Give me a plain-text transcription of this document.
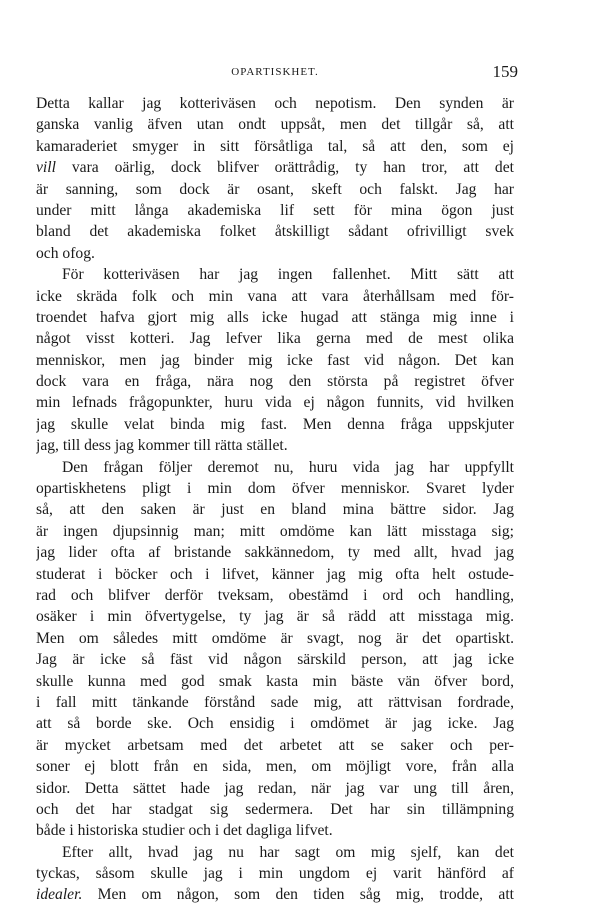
OPARTISKHET.	159
Detta kallar jag kotteriväsen och nepotism. Den synden är
ganska vanlig äfven utan ondt uppsåt, men det tillgår så, att
kamaraderiet smyger in sitt försåtliga tal, så att den, som ej
vill vara oärlig, dock blifver orättrådig, ty han tror, att det
är sanning, som dock är osant, skeft och falskt. Jag har
under mitt långa akademiska lif sett för mina ögon just
bland det akademiska folket åtskilligt sådant ofrivilligt svek
och ofog.
För kotteriväsen har jag ingen fallenhet. Mitt sätt att
icke skräda folk och min vana att vara återhållsam med för-
troendet hafva gjort mig alls icke hugad att stänga mig inne i
något visst kotteri. Jag lefver lika gerna med de mest olika
menniskor, men jag binder mig icke fast vid någon. Det kan
dock vara en fråga, nära nog den största på registret öfver
min lefnads frågopunkter, huru vida ej någon funnits, vid hvilken
jag skulle velat binda mig fast. Men denna fråga uppskjuter
jag, till dess jag kommer till rätta stället.
Den frågan följer deremot nu, huru vida jag har uppfyllt
opartiskhetens pligt i min dom öfver menniskor. Svaret lyder
så, att den saken är just en bland mina bättre sidor. Jag
är ingen djupsinnig man; mitt omdöme kan lätt misstaga sig;
jag lider ofta af bristande sakkännedom, ty med allt, hvad jag
studerat i böcker och i lifvet, känner jag mig ofta helt ostude-
rad och blifver derför tveksam, obestämd i ord och handling,
osäker i min öfvertygelse, ty jag är så rädd att misstaga mig.
Men om således mitt omdöme är svagt, nog är det opartiskt.
Jag är icke så fäst vid någon särskild person, att jag icke
skulle kunna med god smak kasta min bäste vän öfver bord,
i fall mitt tänkande förstånd sade mig, att rättvisan fordrade,
att så borde ske. Och ensidig i omdömet är jag icke. Jag
är mycket arbetsam med det arbetet att se saker och per-
soner ej blott från en sida, men, om möjligt vore, från alla
sidor. Detta sättet hade jag redan, när jag var ung till åren,
och det har stadgat sig sedermera. Det har sin tillämpning
både i historiska studier och i det dagliga lifvet.
Efter allt, hvad jag nu har sagt om mig sjelf, kan det
tyckas, såsom skulle jag i min ungdom ej varit hänförd af
idealer. Men om någon, som den tiden såg mig, trodde, att
